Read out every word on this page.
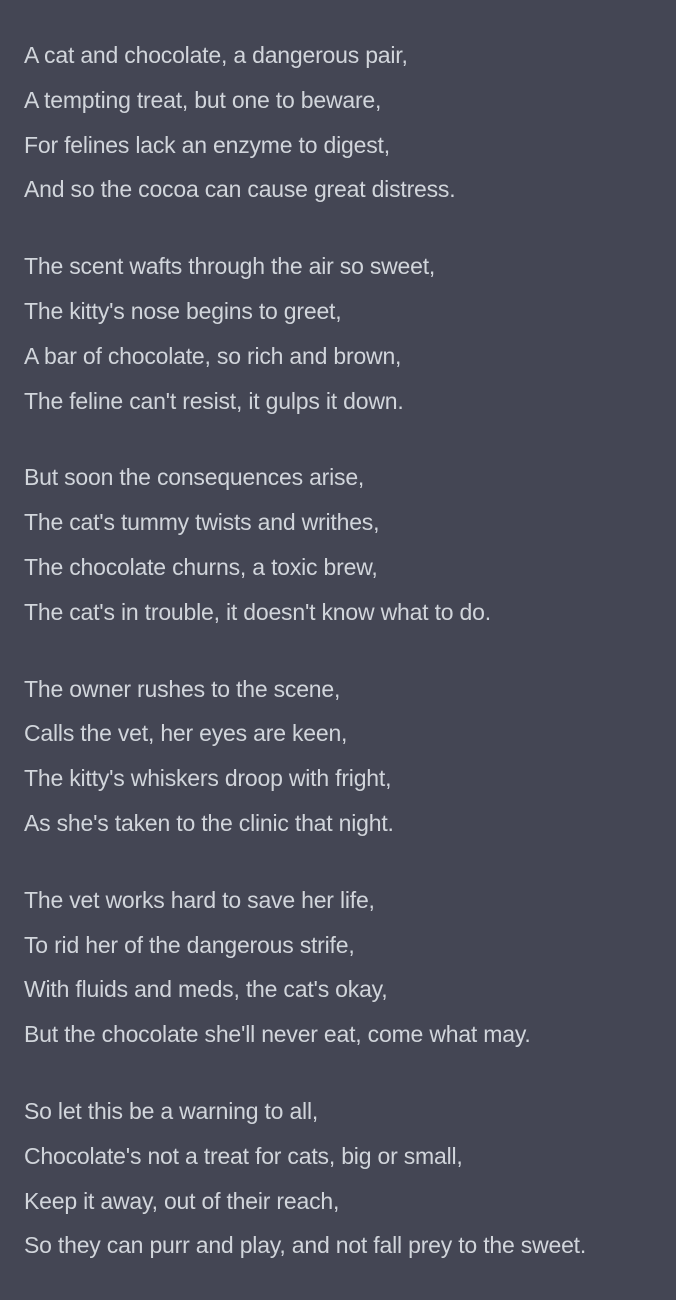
A cat and chocolate, a dangerous pair,
A tempting treat, but one to beware,
For felines lack an enzyme to digest,
And so the cocoa can cause great distress.
The scent wafts through the air so sweet,
The kitty's nose begins to greet,
A bar of chocolate, so rich and brown,
The feline can't resist, it gulps it down.
But soon the consequences arise,
The cat's tummy twists and writhes,
The chocolate churns, a toxic brew,
The cat's in trouble, it doesn't know what to do.
The owner rushes to the scene,
Calls the vet, her eyes are keen,
The kitty's whiskers droop with fright,
As she's taken to the clinic that night.
The vet works hard to save her life,
To rid her of the dangerous strife,
With fluids and meds, the cat's okay,
But the chocolate she'll never eat, come what may.
So let this be a warning to all,
Chocolate's not a treat for cats, big or small,
Keep it away, out of their reach,
So they can purr and play, and not fall prey to the sweet.
